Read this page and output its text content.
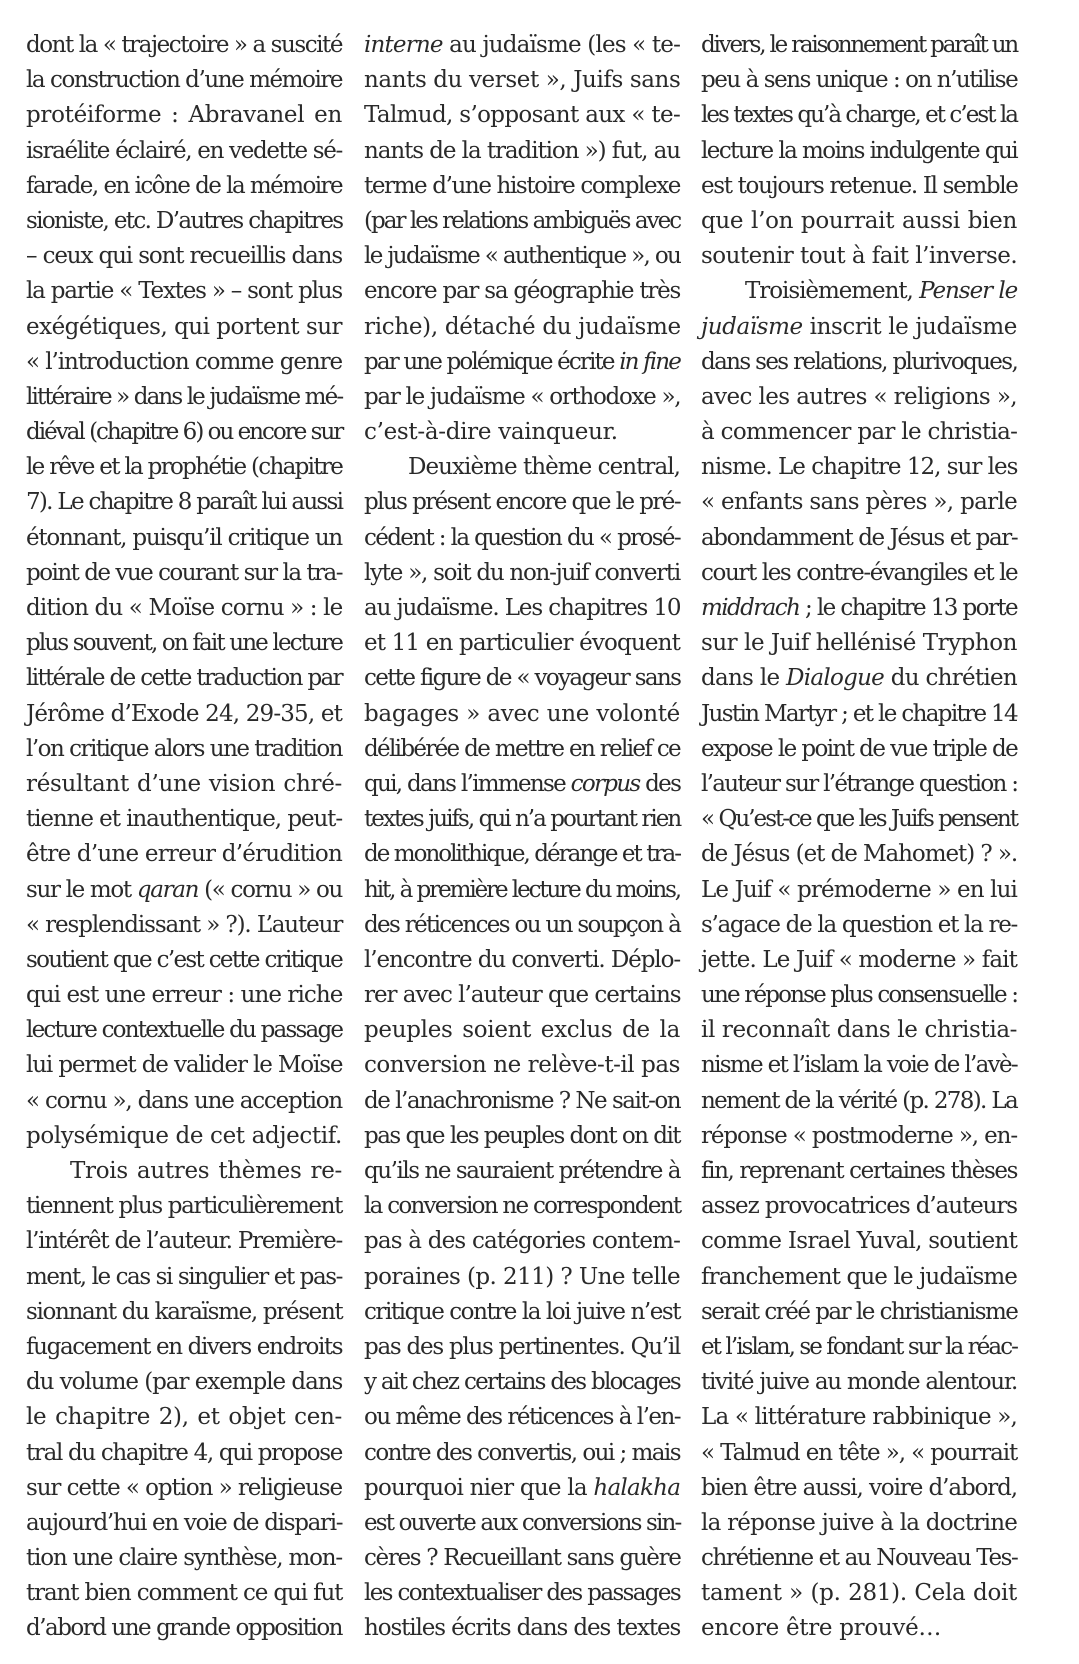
dont la « trajectoire » a suscité
la construction d’une mémoire
protéiforme : Abravanel en
israélite éclairé, en vedette sé-
farade, en icône de la mémoire
sioniste, etc. D’autres chapitres
– ceux qui sont recueillis dans
la partie « Textes » – sont plus
exégétiques, qui portent sur
« l’introduction comme genre
littéraire » dans le judaïsme mé-
diéval (chapitre 6) ou encore sur
le rêve et la prophétie (chapitre
7). Le chapitre 8 paraît lui aussi
étonnant, puisqu’il critique un
point de vue courant sur la tra-
dition du « Moïse cornu » : le
plus souvent, on fait une lecture
littérale de cette traduction par
Jérôme d’Exode 24, 29-35, et
l’on critique alors une tradition
résultant d’une vision chré-
tienne et inauthentique, peut-
être d’une erreur d’érudition
sur le mot qaran (« cornu » ou
« resplendissant » ?). L’auteur
soutient que c’est cette critique
qui est une erreur : une riche
lecture contextuelle du passage
lui permet de valider le Moïse
« cornu », dans une acception
polysémique de cet adjectif.
Trois autres thèmes re-
tiennent plus particulièrement
l’intérêt de l’auteur. Première-
ment, le cas si singulier et pas-
sionnant du karaïsme, présent
fugacement en divers endroits
du volume (par exemple dans
le chapitre 2), et objet cen-
tral du chapitre 4, qui propose
sur cette « option » religieuse
aujourd’hui en voie de dispari-
tion une claire synthèse, mon-
trant bien comment ce qui fut
d’abord une grande opposition
interne au judaïsme (les « te-
nants du verset », Juifs sans
Talmud, s’opposant aux « te-
nants de la tradition ») fut, au
terme d’une histoire complexe
(par les relations ambiguës avec
le judaïsme « authentique », ou
encore par sa géographie très
riche), détaché du judaïsme
par une polémique écrite in fine
par le judaïsme « orthodoxe »,
c’est-à-dire vainqueur.
Deuxième thème central,
plus présent encore que le pré-
cédent : la question du « prosé-
lyte », soit du non-juif converti
au judaïsme. Les chapitres 10
et 11 en particulier évoquent
cette figure de « voyageur sans
bagages » avec une volonté
délibérée de mettre en relief ce
qui, dans l’immense corpus des
textes juifs, qui n’a pourtant rien
de monolithique, dérange et tra-
hit, à première lecture du moins,
des réticences ou un soupçon à
l’encontre du converti. Déplo-
rer avec l’auteur que certains
peuples soient exclus de la
conversion ne relève-t-il pas
de l’anachronisme ? Ne sait-on
pas que les peuples dont on dit
qu’ils ne sauraient prétendre à
la conversion ne correspondent
pas à des catégories contem-
poraines (p. 211) ? Une telle
critique contre la loi juive n’est
pas des plus pertinentes. Qu’il
y ait chez certains des blocages
ou même des réticences à l’en-
contre des convertis, oui ; mais
pourquoi nier que la halakha
est ouverte aux conversions sin-
cères ? Recueillant sans guère
les contextualiser des passages
hostiles écrits dans des textes
divers, le raisonnement paraît un
peu à sens unique : on n’utilise
les textes qu’à charge, et c’est la
lecture la moins indulgente qui
est toujours retenue. Il semble
que l’on pourrait aussi bien
soutenir tout à fait l’inverse.
Troisièmement, Penser le
judaïsme inscrit le judaïsme
dans ses relations, plurivoques,
avec les autres « religions »,
à commencer par le christia-
nisme. Le chapitre 12, sur les
« enfants sans pères », parle
abondamment de Jésus et par-
court les contre-évangiles et le
middrach ; le chapitre 13 porte
sur le Juif hellénisé Tryphon
dans le Dialogue du chrétien
Justin Martyr ; et le chapitre 14
expose le point de vue triple de
l’auteur sur l’étrange question :
« Qu’est-ce que les Juifs pensent
de Jésus (et de Mahomet) ? ».
Le Juif « prémoderne » en lui
s’agace de la question et la re-
jette. Le Juif « moderne » fait
une réponse plus consensuelle :
il reconnaît dans le christia-
nisme et l’islam la voie de l’avè-
nement de la vérité (p. 278). La
réponse « postmoderne », en-
fin, reprenant certaines thèses
assez provocatrices d’auteurs
comme Israel Yuval, soutient
franchement que le judaïsme
serait créé par le christianisme
et l’islam, se fondant sur la réac-
tivité juive au monde alentour.
La « littérature rabbinique »,
« Talmud en tête », « pourrait
bien être aussi, voire d’abord,
la réponse juive à la doctrine
chrétienne et au Nouveau Tes-
tament » (p. 281). Cela doit
encore être prouvé…
